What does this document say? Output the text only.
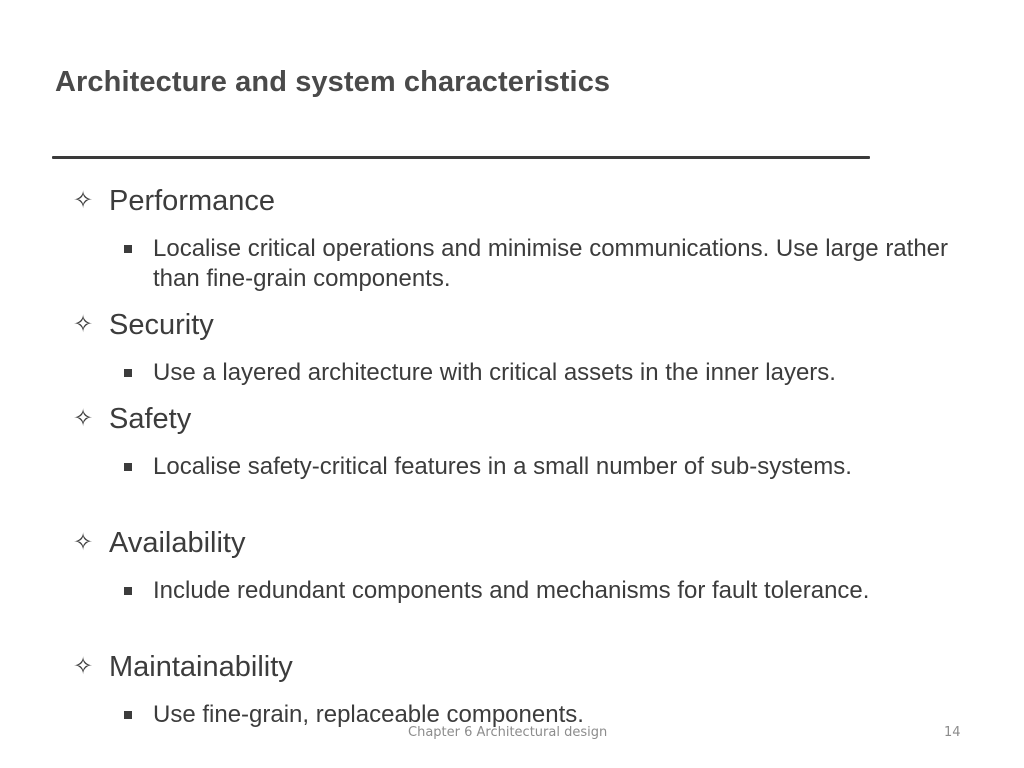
Architecture and system characteristics
✧ Performance
Localise critical operations and minimise communications. Use large rather than fine-grain components.
✧ Security
Use a layered architecture with critical assets in the inner layers.
✧ Safety
Localise safety-critical features in a small number of sub-systems.
✧ Availability
Include redundant components and mechanisms for fault tolerance.
✧ Maintainability
Use fine-grain, replaceable components.
Chapter 6 Architectural design	14
